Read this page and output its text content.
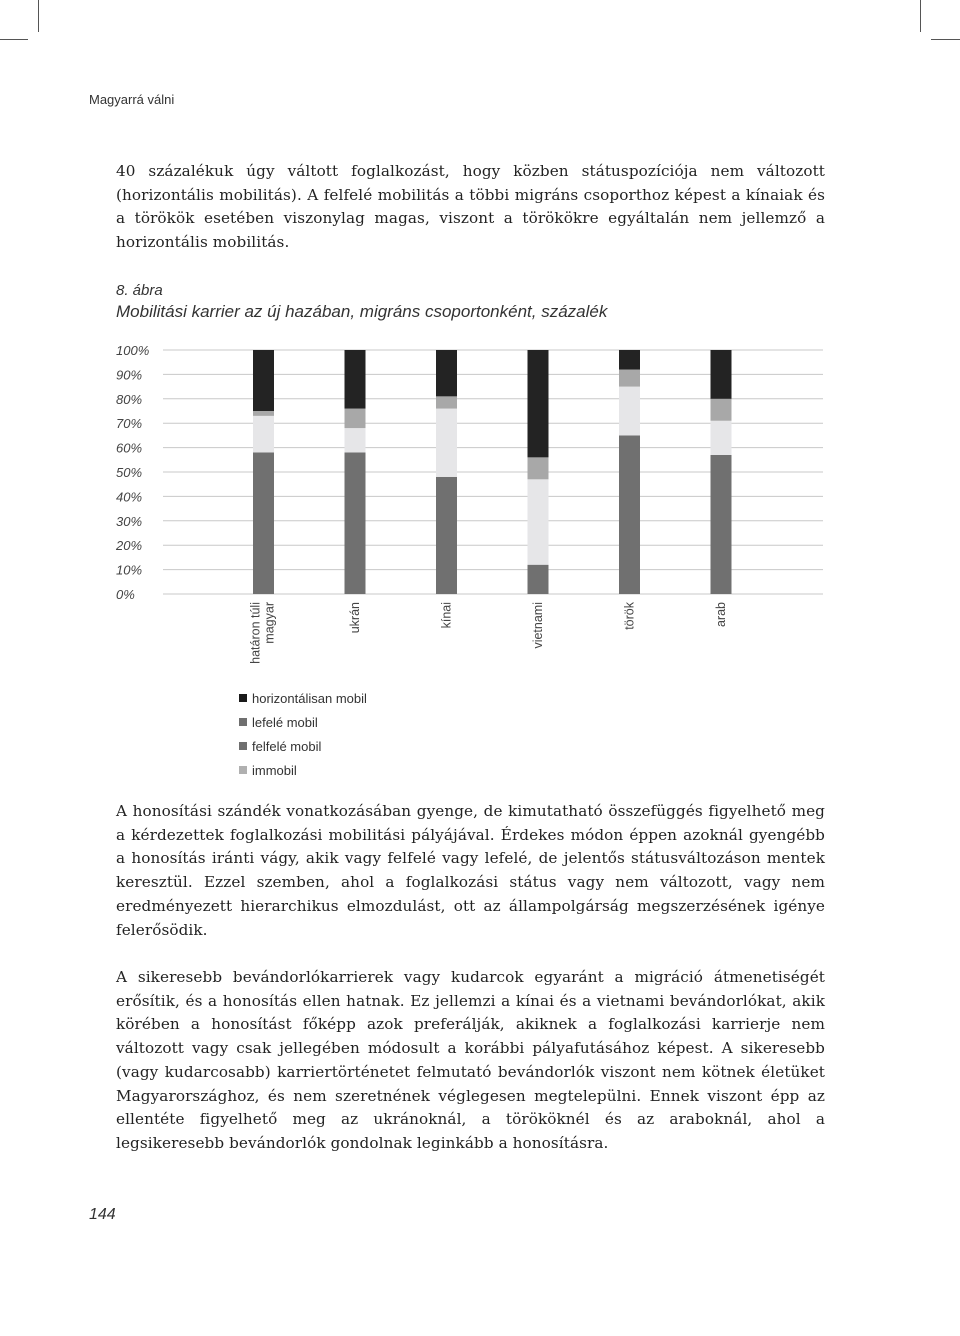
Magyarrá válni

40 százalékuk úgy váltott foglalkozást, hogy közben státuspozíciója nem változott (horizontális mobilitás). A felfelé mobilitás a többi migráns csoporthoz képest a kínaiak és a törökök esetében viszonylag magas, viszont a törökökre egyáltalán nem jellemző a horizontális mobilitás.

8. ábra
Mobilitási karrier az új hazában, migráns csoportonként, százalék
0%
10%
20%
30%
40%
50%
60%
70%
80%
90%
100%
határon túlimagyar	ukrán	kínai	vietnami	török	arab
horizontálisan mobil
lefelé mobil
felfelé mobil
immobil

A honosítási szándék vonatkozásában gyenge, de kimutatható összefüggés figyelhető meg a kérdezettek foglalkozási mobilitási pályájával. Érdekes módon éppen azoknál gyengébb a honosítás iránti vágy, akik vagy felfelé vagy lefelé, de jelentős státusváltozáson mentek keresztül. Ezzel szemben, ahol a foglalkozási státus vagy nem változott, vagy nem eredményezett hierarchikus elmozdulást, ott az állampolgárság megszerzésének igénye felerősödik.

A sikeresebb bevándorlókarrierek vagy kudarcok egyaránt a migráció átmenetiségét erősítik, és a honosítás ellen hatnak. Ez jellemzi a kínai és a vietnami bevándorlókat, akik körében a honosítást főképp azok preferálják, akiknek a foglalkozási karrierje nem változott vagy csak jellegében módosult a korábbi pályafutásához képest. A sikeresebb (vagy kudarcosabb) karriertörténetet felmutató bevándorlók viszont nem kötnek életüket Magyarországhoz, és nem szeretnének véglegesen megtelepülni. Ennek viszont épp az ellentéte figyelhető meg az ukránoknál, a törököknél és az araboknál, ahol a legsikeresebb bevándorlók gondolnak leginkább a honosításra.

144
